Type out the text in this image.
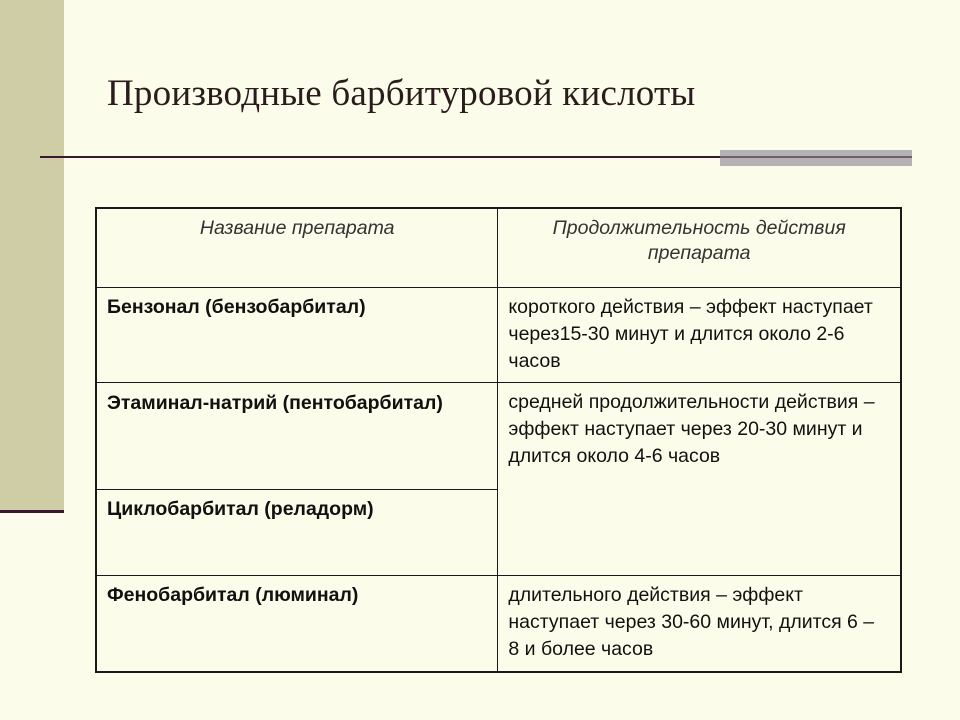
Производные барбитуровой кислоты
Название препарата	Продолжительность действия препарата
Бензонал (бензобарбитал)	короткого действия – эффект наступает через15-30 минут и длится около 2-6 часов
Этаминал-натрий (пентобарбитал)	средней продолжительности действия – эффект наступает через 20-30 минут и длится около 4-6 часов
Циклобарбитал (реладорм)	
Фенобарбитал (люминал)	длительного действия – эффект наступает через 30-60 минут, длится 6 – 8 и более часов
